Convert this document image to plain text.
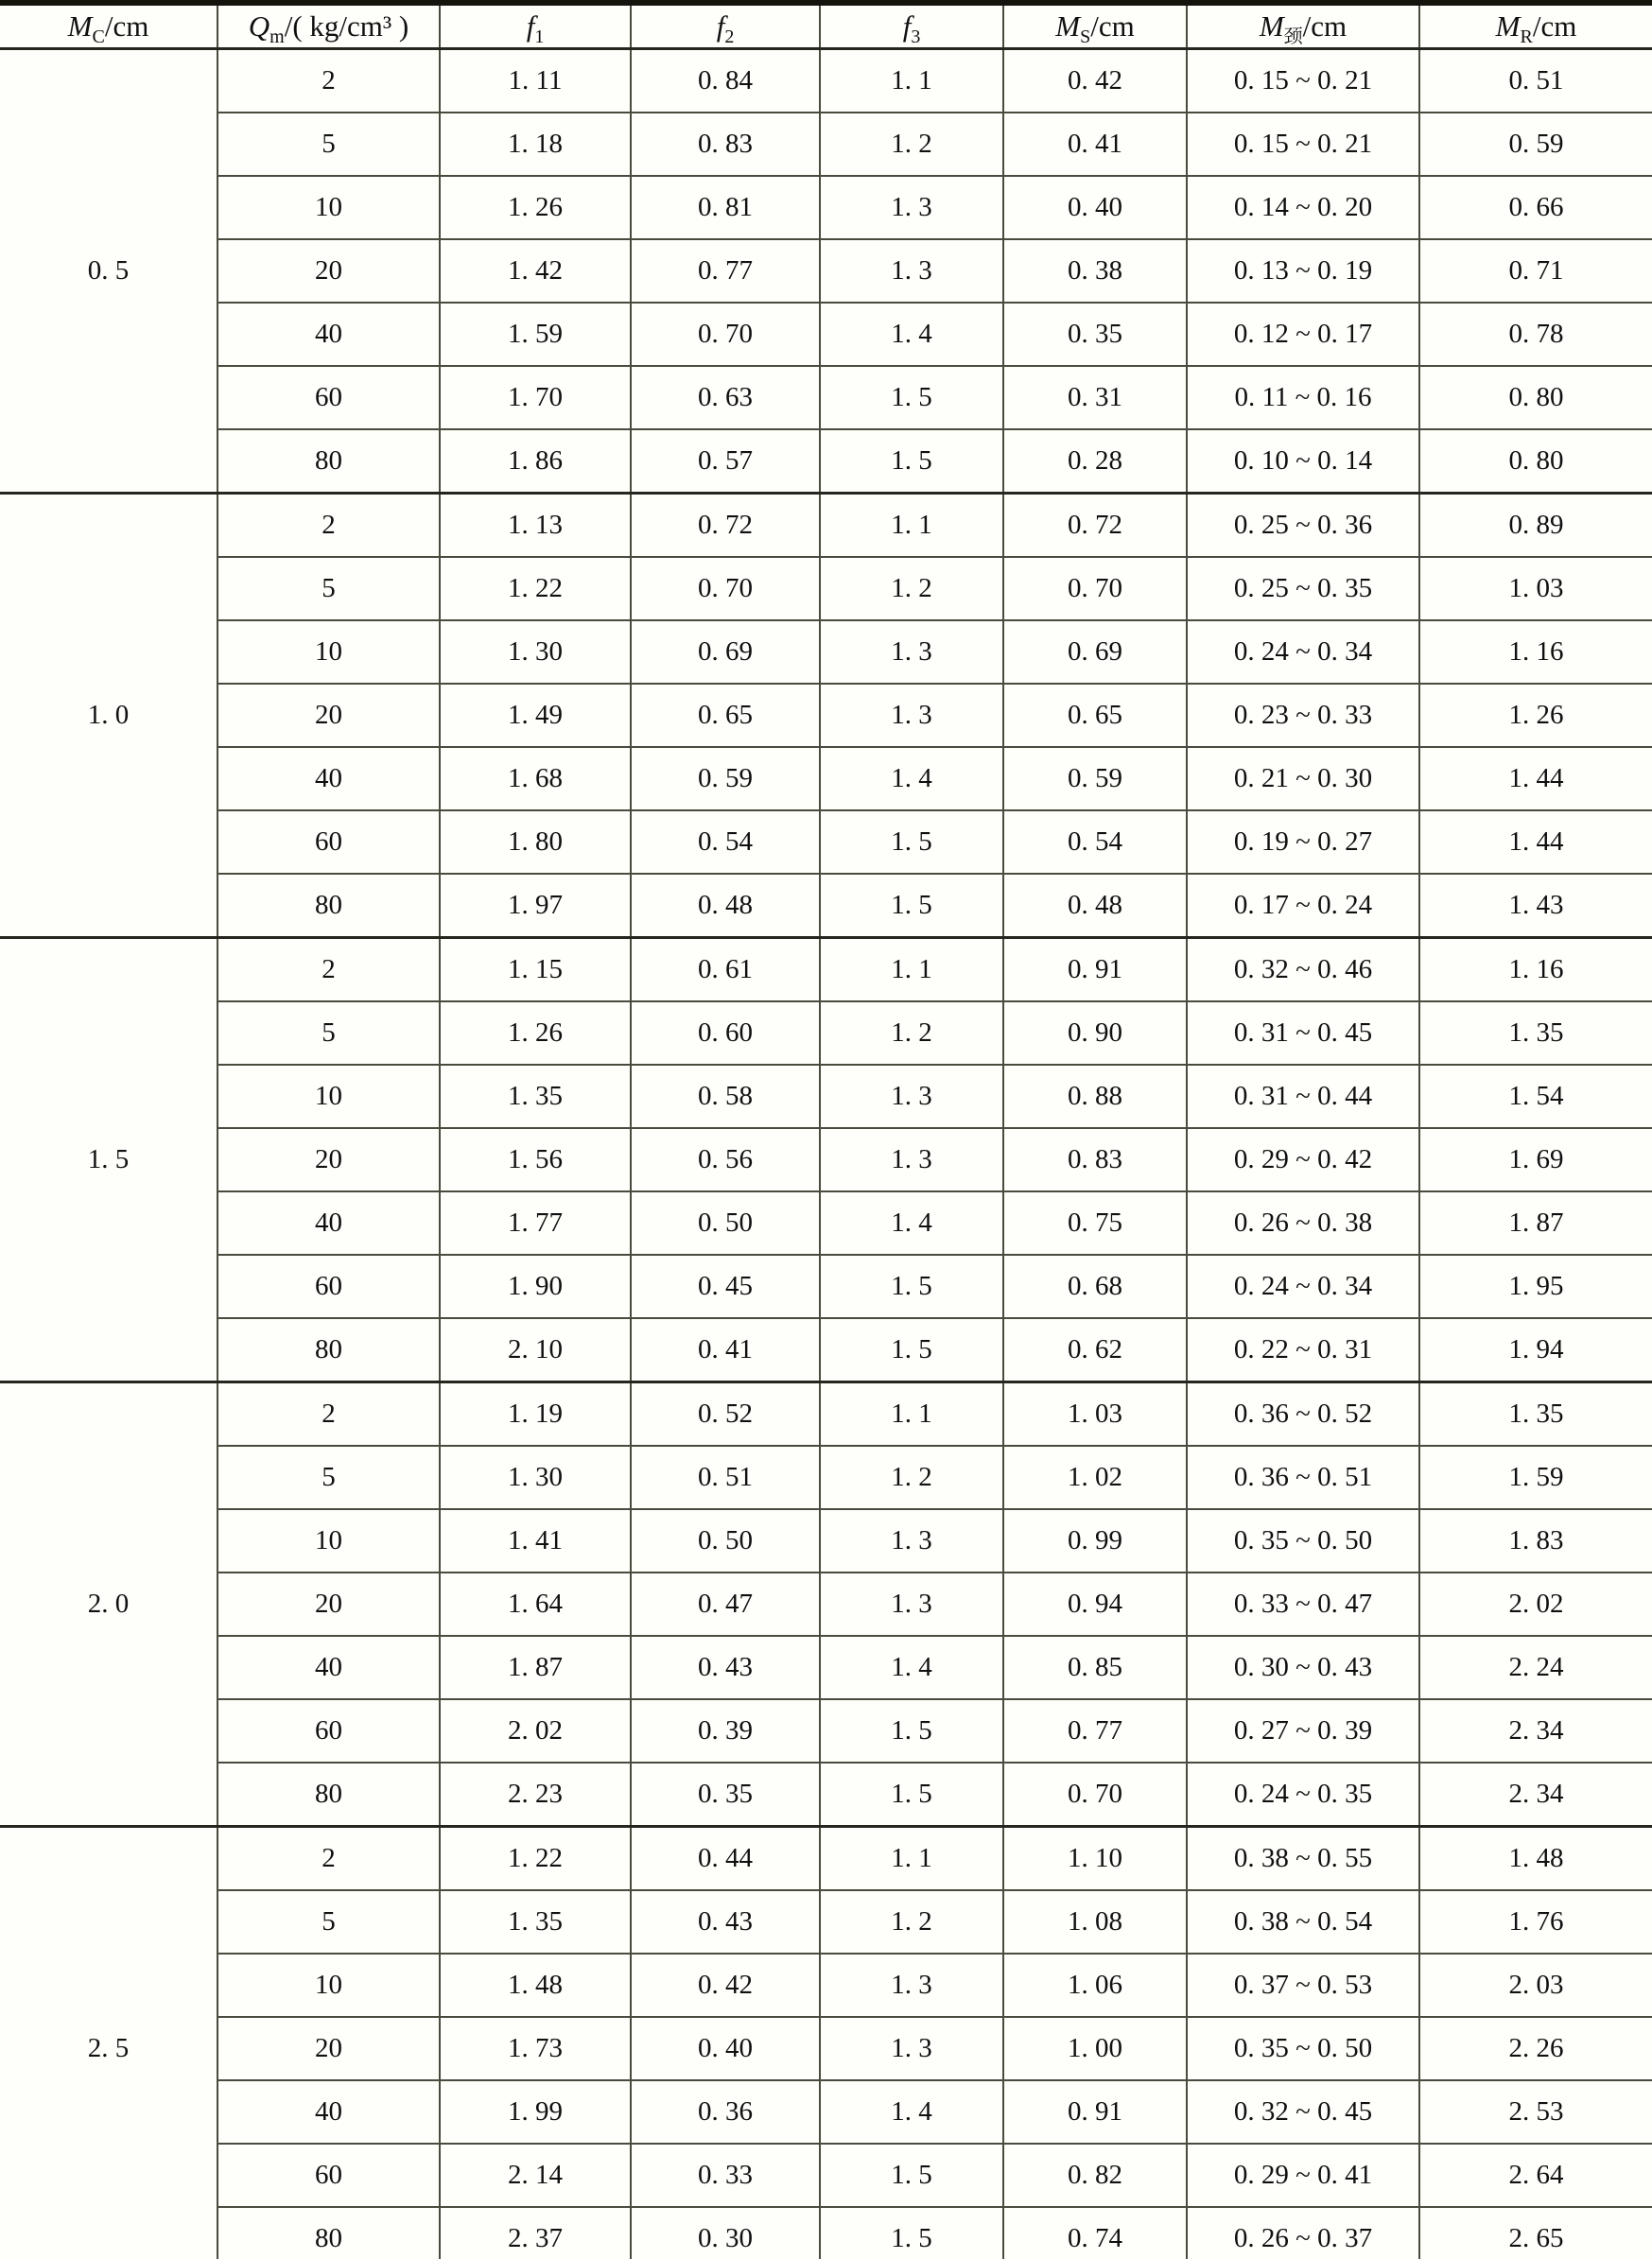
$M_C/cm$	$Q_m/$( kg/cm³ )	$f_1$	$f_2$	$f_3$	$M_S/cm$	$M_颈/cm$	$M_R/cm$
0. 5	2	1. 11	0. 84	1. 1	0. 42	0. 15 ~ 0. 21	0. 51
	5	1. 18	0. 83	1. 2	0. 41	0. 15 ~ 0. 21	0. 59
	10	1. 26	0. 81	1. 3	0. 40	0. 14 ~ 0. 20	0. 66
	20	1. 42	0. 77	1. 3	0. 38	0. 13 ~ 0. 19	0. 71
	40	1. 59	0. 70	1. 4	0. 35	0. 12 ~ 0. 17	0. 78
	60	1. 70	0. 63	1. 5	0. 31	0. 11 ~ 0. 16	0. 80
	80	1. 86	0. 57	1. 5	0. 28	0. 10 ~ 0. 14	0. 80
1. 0	2	1. 13	0. 72	1. 1	0. 72	0. 25 ~ 0. 36	0. 89
	5	1. 22	0. 70	1. 2	0. 70	0. 25 ~ 0. 35	1. 03
	10	1. 30	0. 69	1. 3	0. 69	0. 24 ~ 0. 34	1. 16
	20	1. 49	0. 65	1. 3	0. 65	0. 23 ~ 0. 33	1. 26
	40	1. 68	0. 59	1. 4	0. 59	0. 21 ~ 0. 30	1. 44
	60	1. 80	0. 54	1. 5	0. 54	0. 19 ~ 0. 27	1. 44
	80	1. 97	0. 48	1. 5	0. 48	0. 17 ~ 0. 24	1. 43
1. 5	2	1. 15	0. 61	1. 1	0. 91	0. 32 ~ 0. 46	1. 16
	5	1. 26	0. 60	1. 2	0. 90	0. 31 ~ 0. 45	1. 35
	10	1. 35	0. 58	1. 3	0. 88	0. 31 ~ 0. 44	1. 54
	20	1. 56	0. 56	1. 3	0. 83	0. 29 ~ 0. 42	1. 69
	40	1. 77	0. 50	1. 4	0. 75	0. 26 ~ 0. 38	1. 87
	60	1. 90	0. 45	1. 5	0. 68	0. 24 ~ 0. 34	1. 95
	80	2. 10	0. 41	1. 5	0. 62	0. 22 ~ 0. 31	1. 94
2. 0	2	1. 19	0. 52	1. 1	1. 03	0. 36 ~ 0. 52	1. 35
	5	1. 30	0. 51	1. 2	1. 02	0. 36 ~ 0. 51	1. 59
	10	1. 41	0. 50	1. 3	0. 99	0. 35 ~ 0. 50	1. 83
	20	1. 64	0. 47	1. 3	0. 94	0. 33 ~ 0. 47	2. 02
	40	1. 87	0. 43	1. 4	0. 85	0. 30 ~ 0. 43	2. 24
	60	2. 02	0. 39	1. 5	0. 77	0. 27 ~ 0. 39	2. 34
	80	2. 23	0. 35	1. 5	0. 70	0. 24 ~ 0. 35	2. 34
2. 5	2	1. 22	0. 44	1. 1	1. 10	0. 38 ~ 0. 55	1. 48
	5	1. 35	0. 43	1. 2	1. 08	0. 38 ~ 0. 54	1. 76
	10	1. 48	0. 42	1. 3	1. 06	0. 37 ~ 0. 53	2. 03
	20	1. 73	0. 40	1. 3	1. 00	0. 35 ~ 0. 50	2. 26
	40	1. 99	0. 36	1. 4	0. 91	0. 32 ~ 0. 45	2. 53
	60	2. 14	0. 33	1. 5	0. 82	0. 29 ~ 0. 41	2. 64
	80	2. 37	0. 30	1. 5	0. 74	0. 26 ~ 0. 37	2. 65
